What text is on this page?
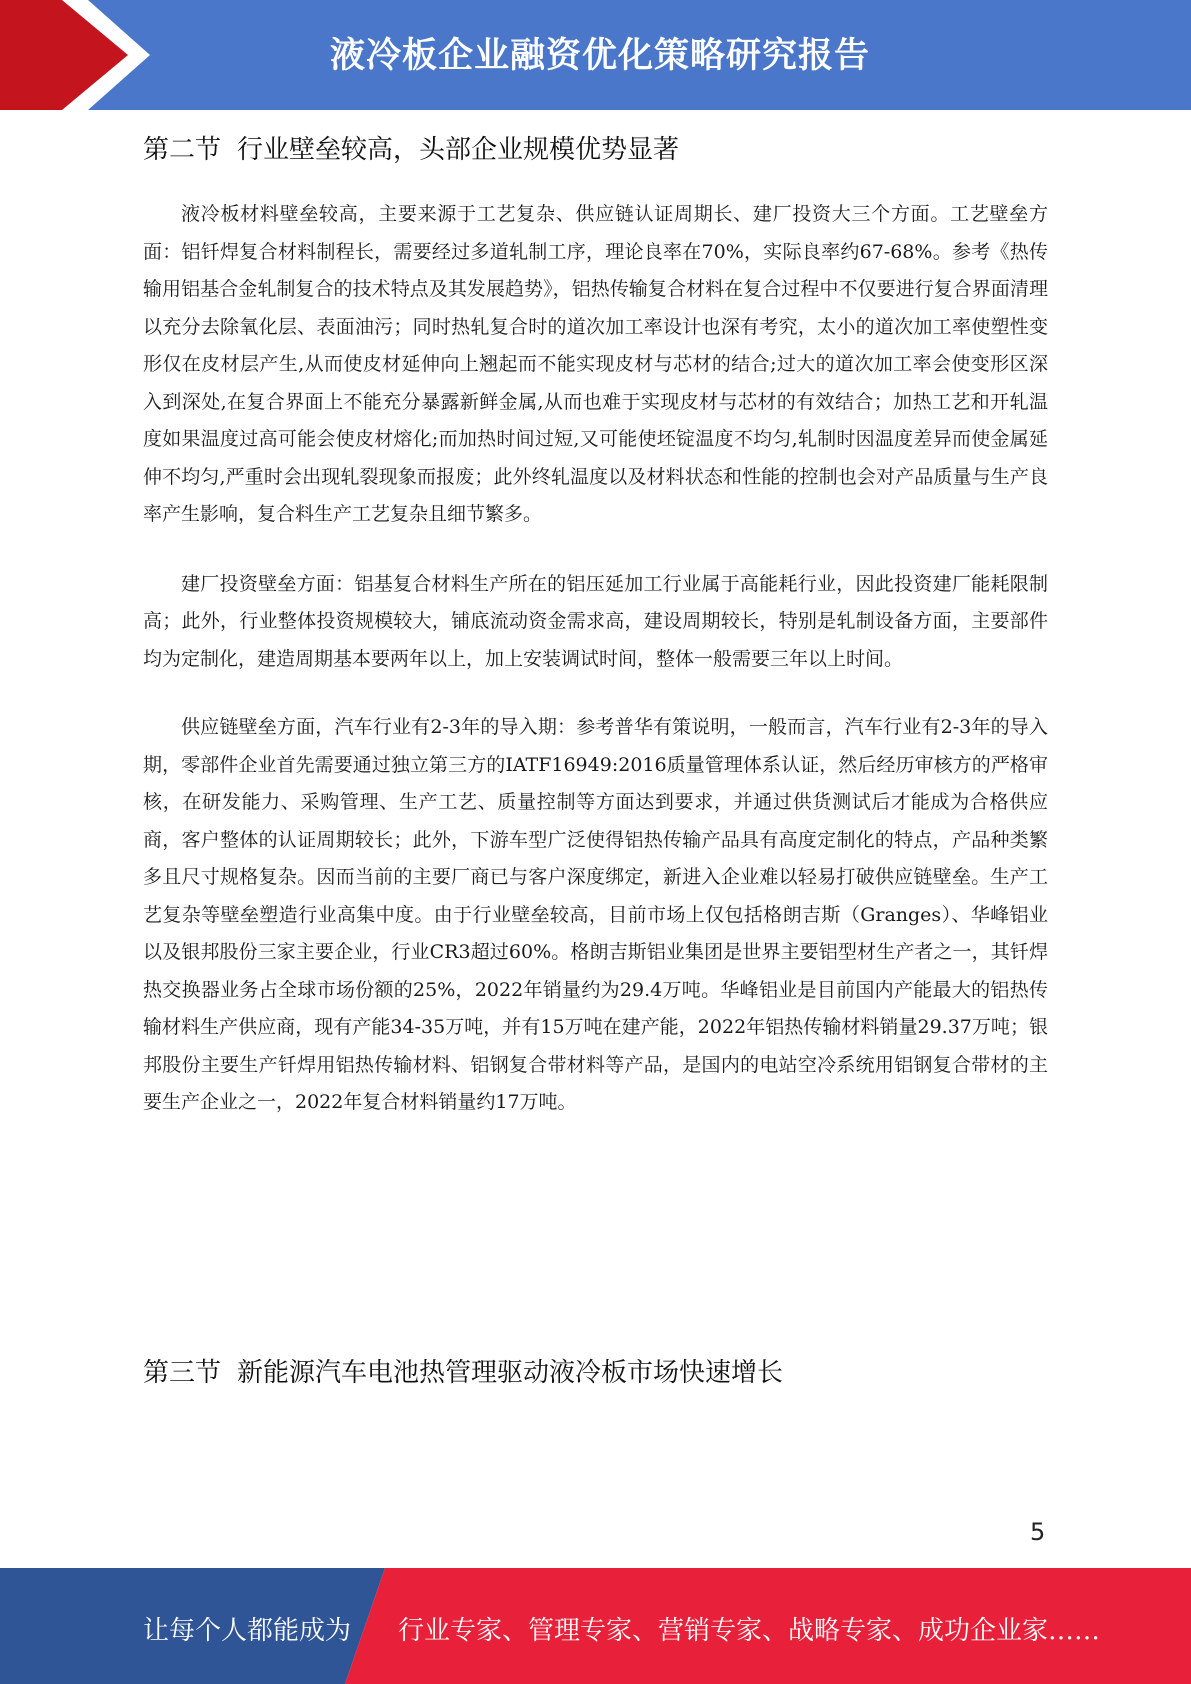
液冷板企业融资优化策略研究报告
第二节 行业壁垒较高，头部企业规模优势显著

液冷板材料壁垒较高，主要来源于工艺复杂、供应链认证周期长、建厂投资大三个方面。工艺壁垒方面：铝钎焊复合材料制程长，需要经过多道轧制工序，理论良率在70%，实际良率约67-68%。参考《热传输用铝基合金轧制复合的技术特点及其发展趋势》，铝热传输复合材料在复合过程中不仅要进行复合界面清理以充分去除氧化层、表面油污；同时热轧复合时的道次加工率设计也深有考究，太小的道次加工率使塑性变形仅在皮材层产生,从而使皮材延伸向上翘起而不能实现皮材与芯材的结合;过大的道次加工率会使变形区深入到深处,在复合界面上不能充分暴露新鲜金属,从而也难于实现皮材与芯材的有效结合；加热工艺和开轧温度如果温度过高可能会使皮材熔化;而加热时间过短,又可能使坯锭温度不均匀,轧制时因温度差异而使金属延伸不均匀,严重时会出现轧裂现象而报废；此外终轧温度以及材料状态和性能的控制也会对产品质量与生产良率产生影响，复合料生产工艺复杂且细节繁多。

建厂投资壁垒方面：铝基复合材料生产所在的铝压延加工行业属于高能耗行业，因此投资建厂能耗限制高；此外，行业整体投资规模较大，铺底流动资金需求高，建设周期较长，特别是轧制设备方面，主要部件均为定制化，建造周期基本要两年以上，加上安装调试时间，整体一般需要三年以上时间。

供应链壁垒方面，汽车行业有2-3年的导入期：参考普华有策说明，一般而言，汽车行业有2-3年的导入期，零部件企业首先需要通过独立第三方的IATF16949:2016质量管理体系认证，然后经历审核方的严格审核，在研发能力、采购管理、生产工艺、质量控制等方面达到要求，并通过供货测试后才能成为合格供应商，客户整体的认证周期较长；此外，下游车型广泛使得铝热传输产品具有高度定制化的特点，产品种类繁多且尺寸规格复杂。因而当前的主要厂商已与客户深度绑定，新进入企业难以轻易打破供应链壁垒。生产工艺复杂等壁垒塑造行业高集中度。由于行业壁垒较高，目前市场上仅包括格朗吉斯（Granges）、华峰铝业以及银邦股份三家主要企业，行业CR3超过60%。格朗吉斯铝业集团是世界主要铝型材生产者之一，其钎焊热交换器业务占全球市场份额的25%，2022年销量约为29.4万吨。华峰铝业是目前国内产能最大的铝热传输材料生产供应商，现有产能34-35万吨，并有15万吨在建产能，2022年铝热传输材料销量29.37万吨；银邦股份主要生产钎焊用铝热传输材料、铝钢复合带材料等产品，是国内的电站空冷系统用铝钢复合带材的主要生产企业之一，2022年复合材料销量约17万吨。

第三节 新能源汽车电池热管理驱动液冷板市场快速增长
5
让每个人都能成为 行业专家、管理专家、营销专家、战略专家、成功企业家……
